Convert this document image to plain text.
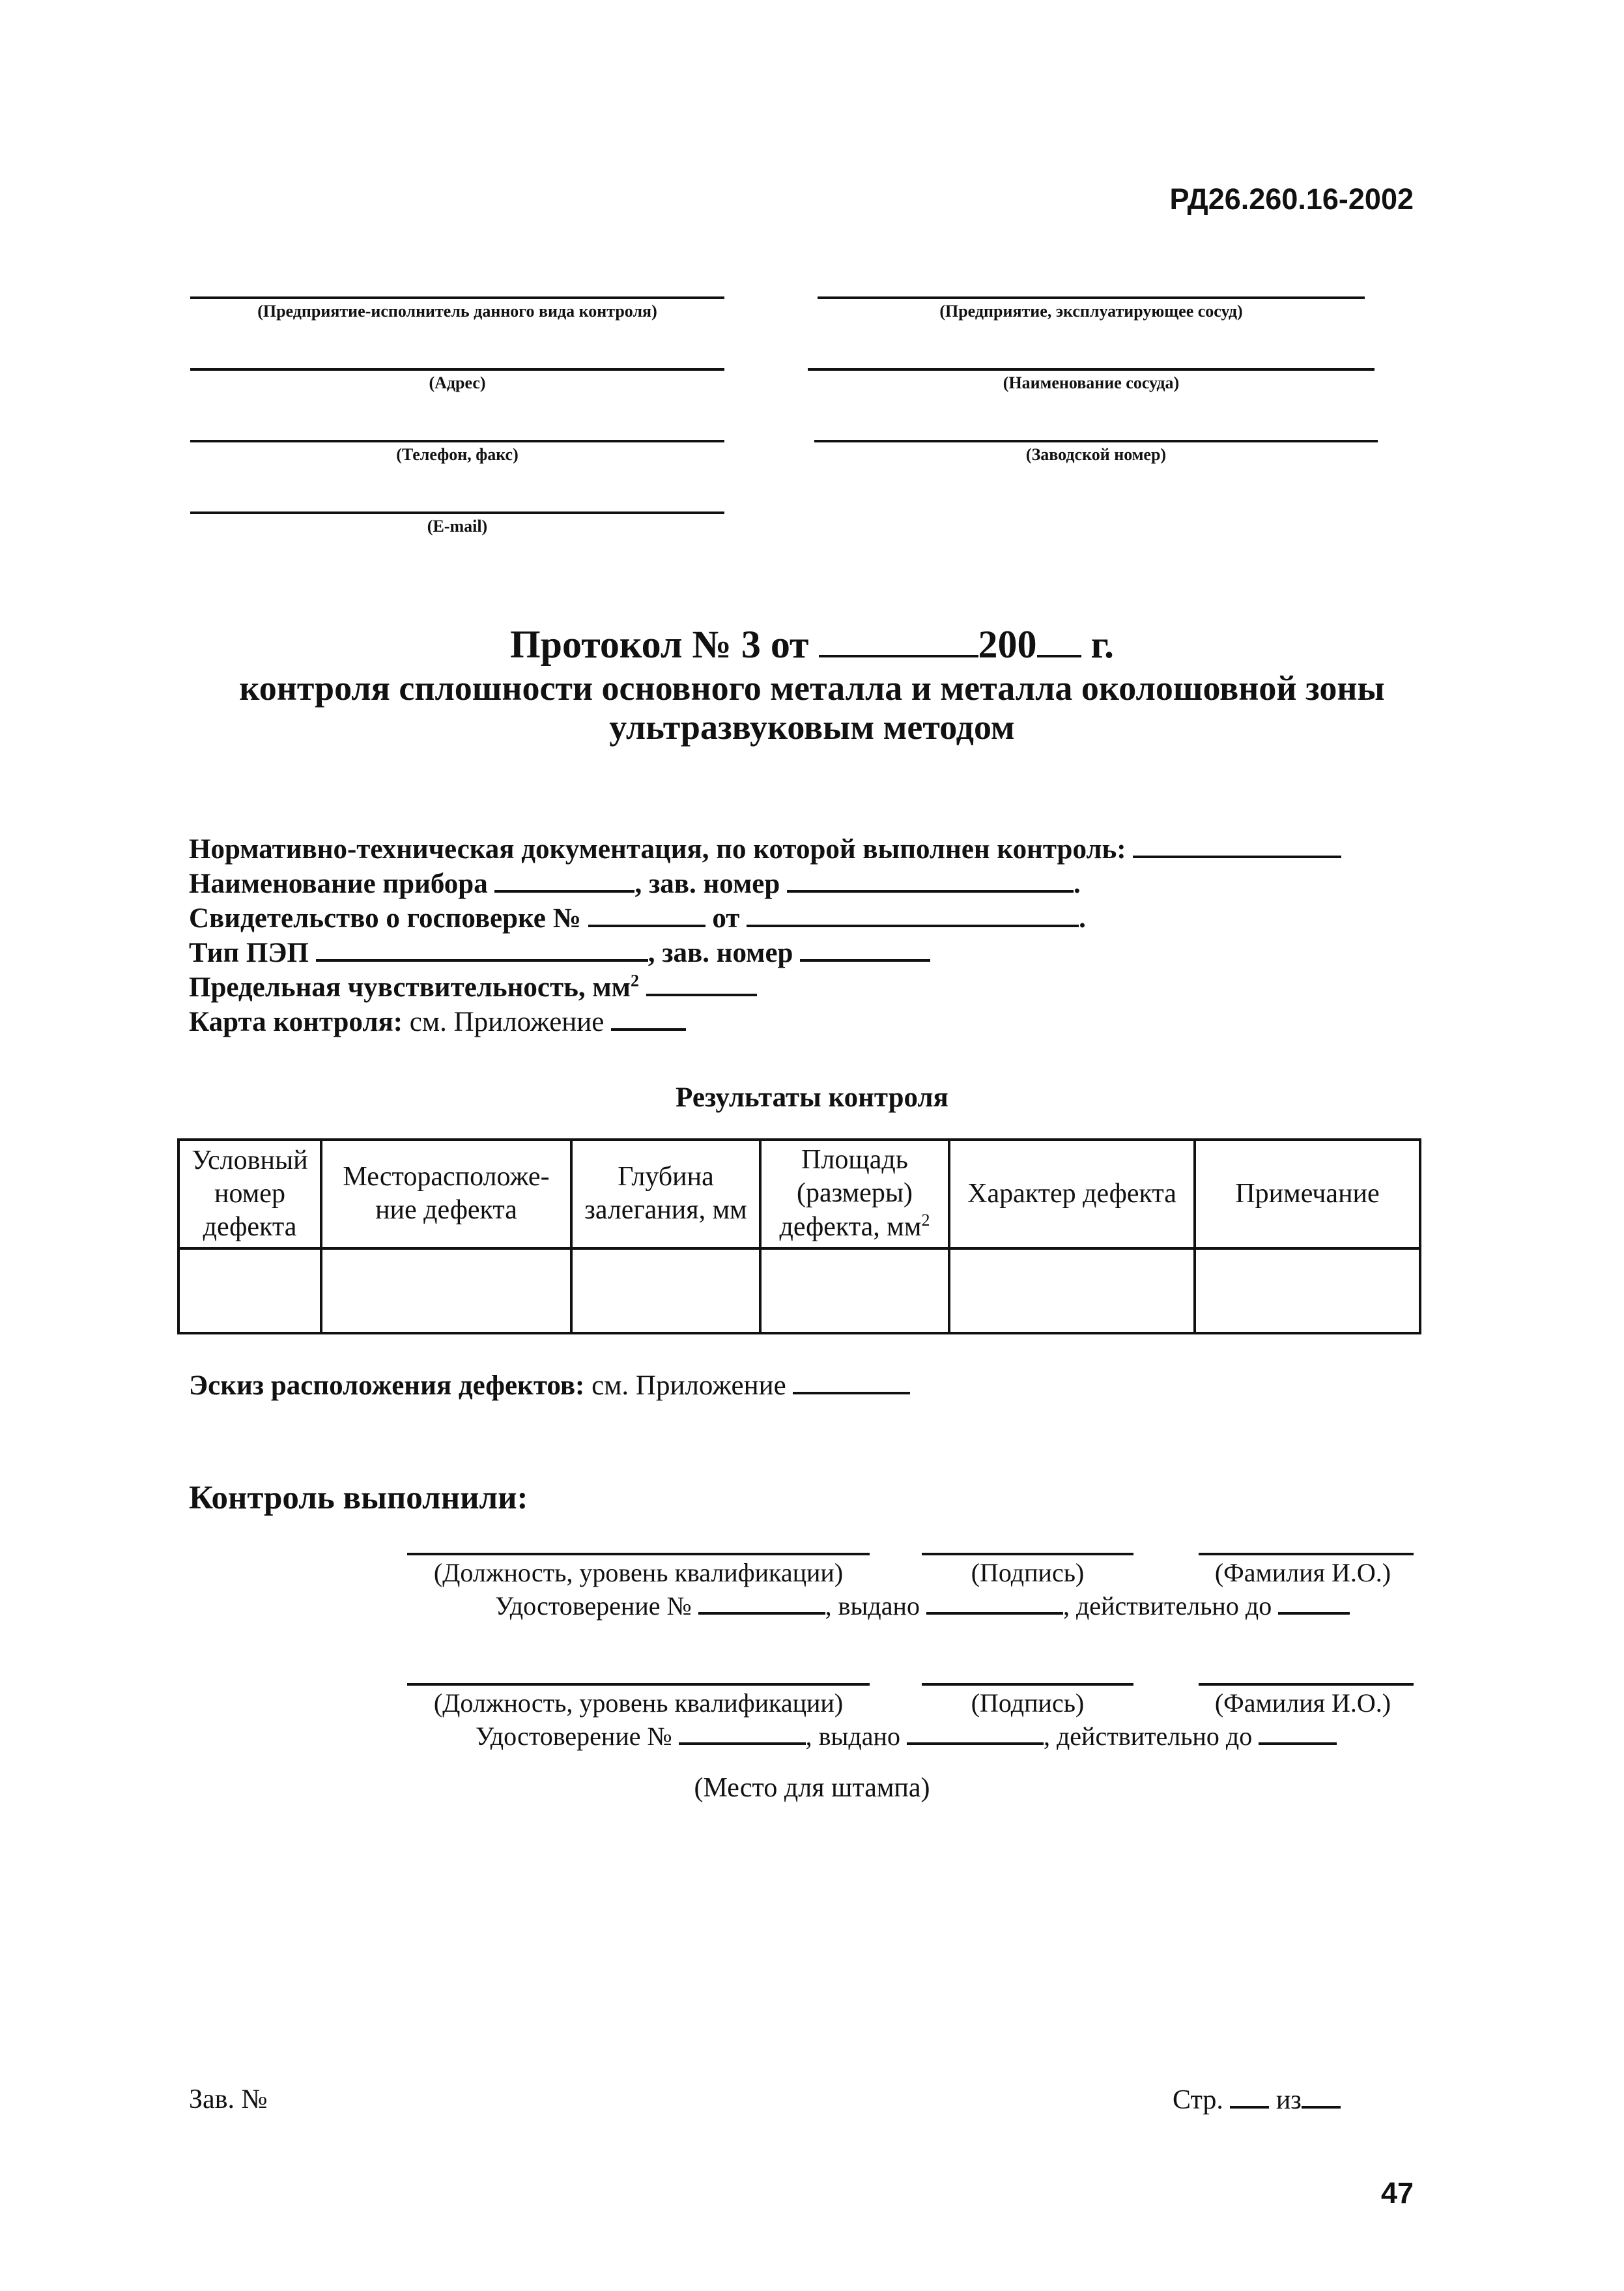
РД26.260.16-2002
(Предприятие-исполнитель данного вида контроля)
(Адрес)
(Телефон, факс)
(E-mail)
(Предприятие, эксплуатирующее сосуд)
(Наименование сосуда)
(Заводской номер)
Протокол № 3 от	200 г.
контроля сплошности основного металла и металла околошовной зоны
ультразвуковым методом
Нормативно-техническая документация, по которой выполнен контроль:
Наименование прибора	, зав. номер	.
Свидетельство о госповерке №	от	.
Тип ПЭП	, зав. номер
Предельная чувствительность, $мм^2$
Карта контроля: см. Приложение
Результаты контроля
Условный номер дефекта	Месторасположе-ние дефекта	Глубина залегания, мм	Площадь (размеры) дефекта, $мм^2$	Характер дефекта	Примечание

Эскиз расположения дефектов: см. Приложение
Контроль выполнили:
(Должность, уровень квалификации)	(Подпись)	(Фамилия И.О.)
Удостоверение №	, выдано	, действительно до
(Должность, уровень квалификации)	(Подпись)	(Фамилия И.О.)
Удостоверение №	, выдано	, действительно до
(Место для штампа)
Зав. №	Стр. из
47
